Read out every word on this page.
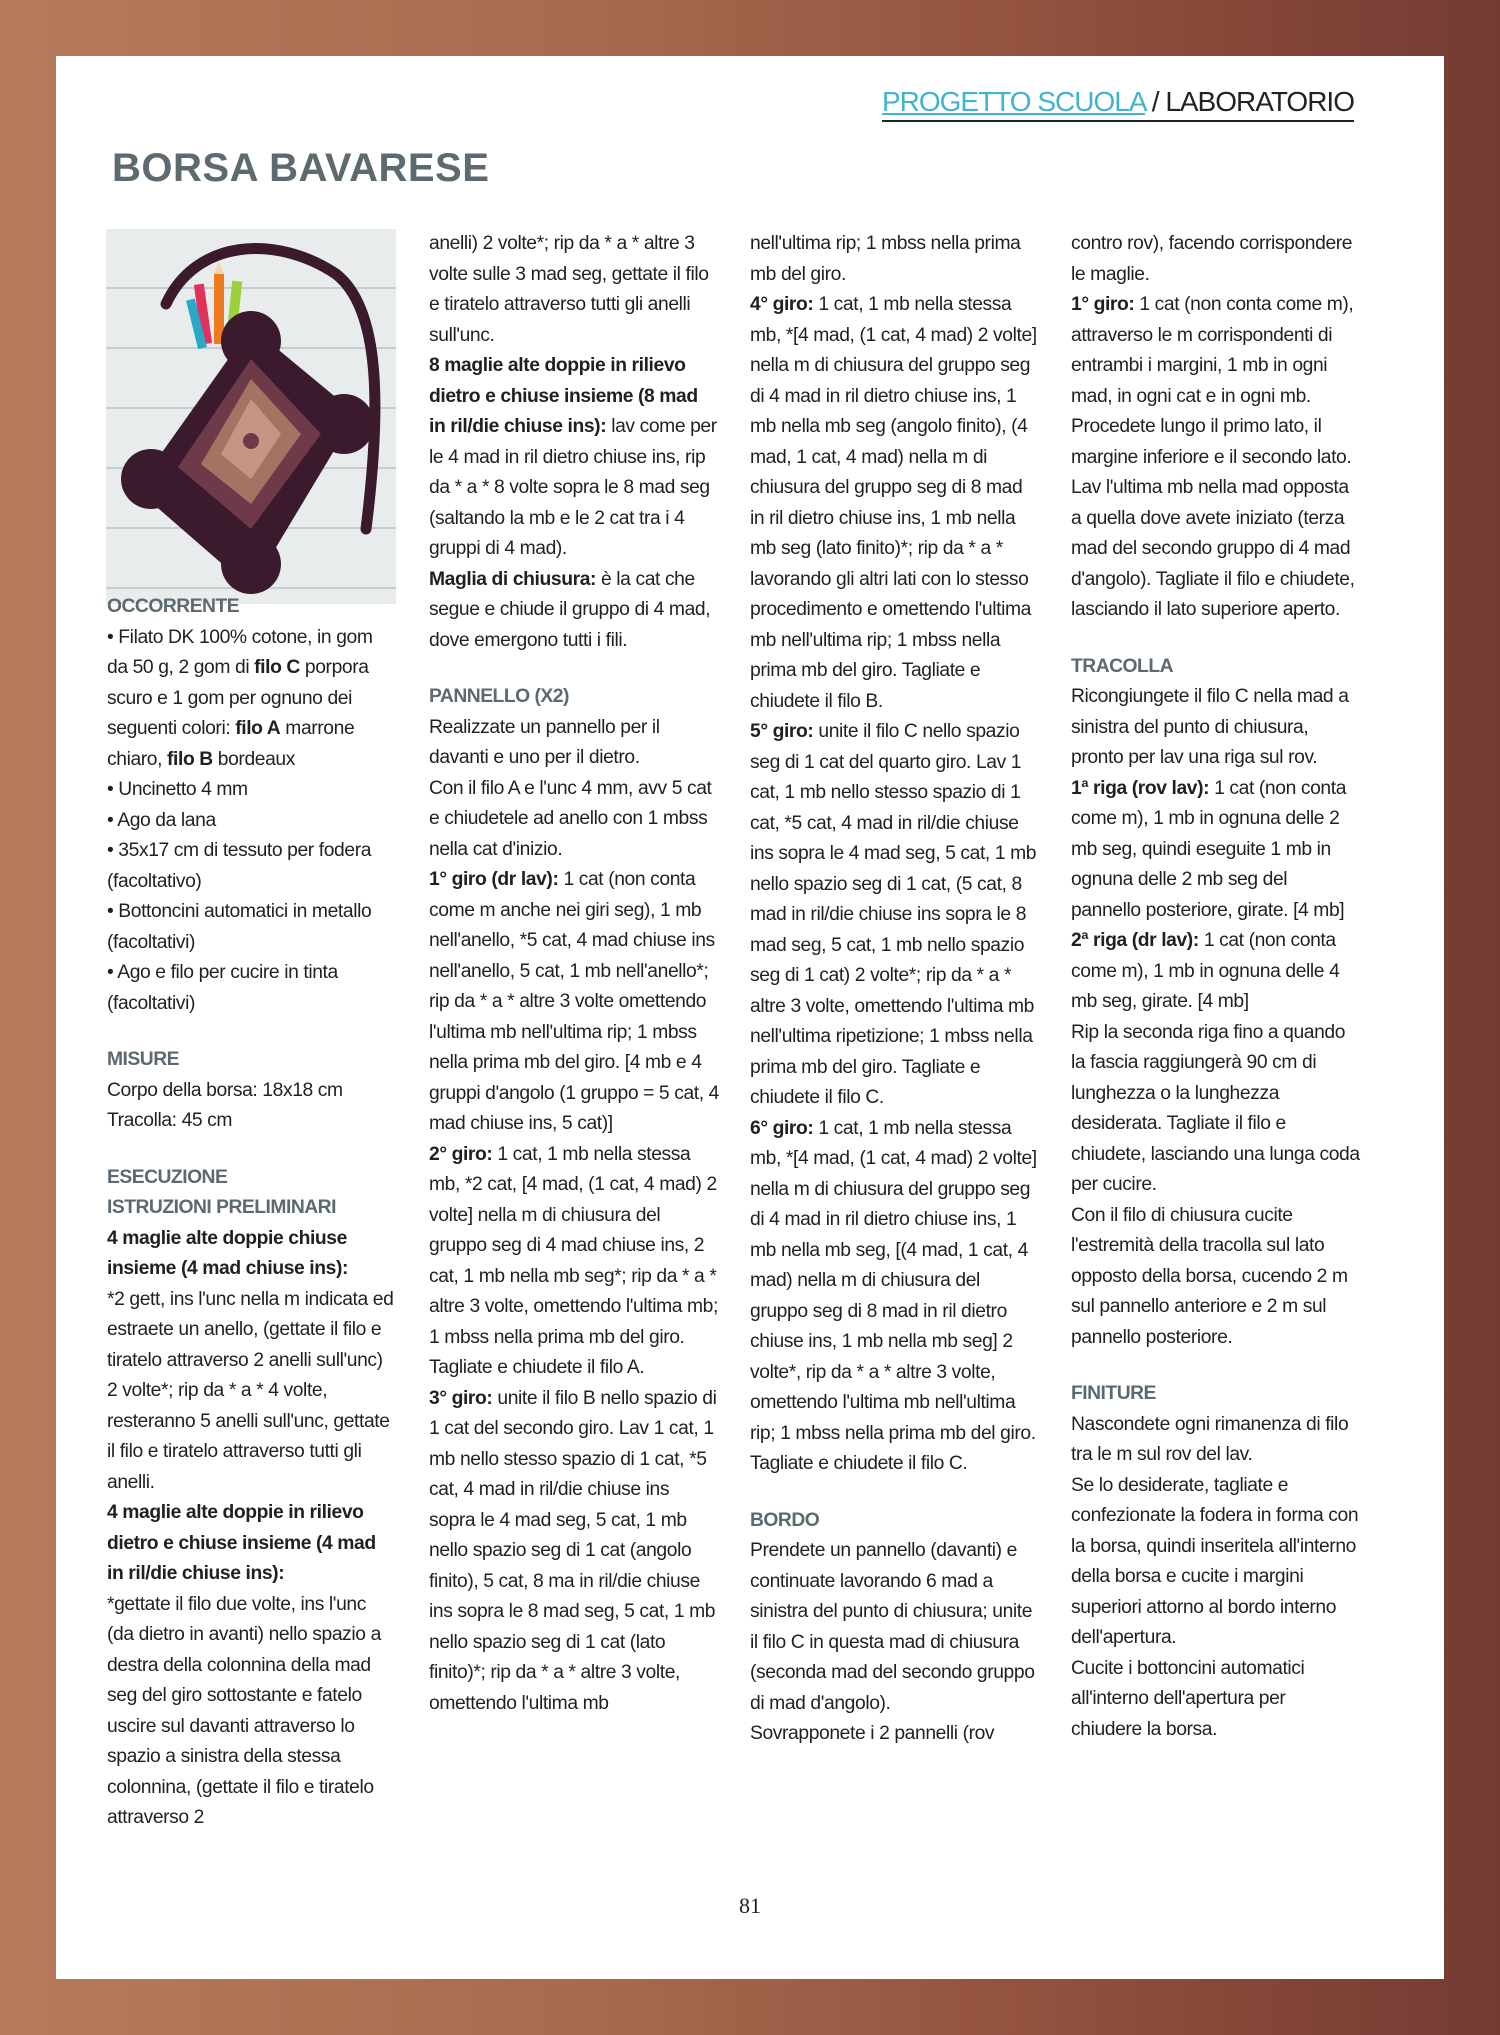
PROGETTO SCUOLA / LABORATORIO
BORSA BAVARESE

OCCORRENTE

• Filato DK 100% cotone, in gom da 50 g, 2 gom di filo C porpora scuro e 1 gom per ognuno dei seguenti colori: filo A marrone chiaro, filo B bordeaux

• Uncinetto 4 mm

• Ago da lana

• 35x17 cm di tessuto per fodera (facoltativo)

• Bottoncini automatici in metallo (facoltativi)

• Ago e filo per cucire in tinta (facoltativi)

MISURE

Corpo della borsa: 18x18 cm

Tracolla: 45 cm

ESECUZIONE

ISTRUZIONI PRELIMINARI

4 maglie alte doppie chiuse insieme (4 mad chiuse ins):
*2 gett, ins l'unc nella m indicata ed estraete un anello, (gettate il filo e tiratelo attraverso 2 anelli sull'unc) 2 volte*; rip da * a * 4 volte, resteranno 5 anelli sull'unc, gettate il filo e tiratelo attraverso tutti gli anelli.

4 maglie alte doppie in rilievo dietro e chiuse insieme (4 mad in ril/die chiuse ins):
*gettate il filo due volte, ins l'unc (da dietro in avanti) nello spazio a destra della colonnina della mad seg del giro sottostante e fatelo uscire sul davanti attraverso lo spazio a sinistra della stessa colonnina, (gettate il filo e tiratelo attraverso 2

anelli) 2 volte*; rip da * a * altre 3 volte sulle 3 mad seg, gettate il filo e tiratelo attraverso tutti gli anelli sull'unc.

8 maglie alte doppie in rilievo dietro e chiuse insieme (8 mad in ril/die chiuse ins): lav come per le 4 mad in ril dietro chiuse ins, rip da * a * 8 volte sopra le 8 mad seg (saltando la mb e le 2 cat tra i 4 gruppi di 4 mad).

Maglia di chiusura: è la cat che segue e chiude il gruppo di 4 mad, dove emergono tutti i fili.

PANNELLO (X2)

Realizzate un pannello per il davanti e uno per il dietro.

Con il filo A e l'unc 4 mm, avv 5 cat e chiudetele ad anello con 1 mbss nella cat d'inizio.

1° giro (dr lav): 1 cat (non conta come m anche nei giri seg), 1 mb nell'anello, *5 cat, 4 mad chiuse ins nell'anello, 5 cat, 1 mb nell'anello*; rip da * a * altre 3 volte omettendo l'ultima mb nell'ultima rip; 1 mbss nella prima mb del giro. [4 mb e 4 gruppi d'angolo (1 gruppo = 5 cat, 4 mad chiuse ins, 5 cat)]

2° giro: 1 cat, 1 mb nella stessa mb, *2 cat, [4 mad, (1 cat, 4 mad) 2 volte] nella m di chiusura del gruppo seg di 4 mad chiuse ins, 2 cat, 1 mb nella mb seg*; rip da * a * altre 3 volte, omettendo l'ultima mb; 1 mbss nella prima mb del giro.

Tagliate e chiudete il filo A.

3° giro: unite il filo B nello spazio di 1 cat del secondo giro. Lav 1 cat, 1 mb nello stesso spazio di 1 cat, *5 cat, 4 mad in ril/die chiuse ins sopra le 4 mad seg, 5 cat, 1 mb nello spazio seg di 1 cat (angolo finito), 5 cat, 8 ma in ril/die chiuse ins sopra le 8 mad seg, 5 cat, 1 mb nello spazio seg di 1 cat (lato finito)*; rip da * a * altre 3 volte, omettendo l'ultima mb

nell'ultima rip; 1 mbss nella prima mb del giro.

4° giro: 1 cat, 1 mb nella stessa mb, *[4 mad, (1 cat, 4 mad) 2 volte] nella m di chiusura del gruppo seg di 4 mad in ril dietro chiuse ins, 1 mb nella mb seg (angolo finito), (4 mad, 1 cat, 4 mad) nella m di chiusura del gruppo seg di 8 mad in ril dietro chiuse ins, 1 mb nella mb seg (lato finito)*; rip da * a * lavorando gli altri lati con lo stesso procedimento e omettendo l'ultima mb nell'ultima rip; 1 mbss nella prima mb del giro. Tagliate e chiudete il filo B.

5° giro: unite il filo C nello spazio seg di 1 cat del quarto giro. Lav 1 cat, 1 mb nello stesso spazio di 1 cat, *5 cat, 4 mad in ril/die chiuse ins sopra le 4 mad seg, 5 cat, 1 mb nello spazio seg di 1 cat, (5 cat, 8 mad in ril/die chiuse ins sopra le 8 mad seg, 5 cat, 1 mb nello spazio seg di 1 cat) 2 volte*; rip da * a * altre 3 volte, omettendo l'ultima mb nell'ultima ripetizione; 1 mbss nella prima mb del giro. Tagliate e chiudete il filo C.

6° giro: 1 cat, 1 mb nella stessa mb, *[4 mad, (1 cat, 4 mad) 2 volte] nella m di chiusura del gruppo seg di 4 mad in ril dietro chiuse ins, 1 mb nella mb seg, [(4 mad, 1 cat, 4 mad) nella m di chiusura del gruppo seg di 8 mad in ril dietro chiuse ins, 1 mb nella mb seg] 2 volte*, rip da * a * altre 3 volte, omettendo l'ultima mb nell'ultima rip; 1 mbss nella prima mb del giro. Tagliate e chiudete il filo C.

BORDO

Prendete un pannello (davanti) e continuate lavorando 6 mad a sinistra del punto di chiusura; unite il filo C in questa mad di chiusura (seconda mad del secondo gruppo di mad d'angolo).

Sovrapponete i 2 pannelli (rov

contro rov), facendo corrispondere le maglie.

1° giro: 1 cat (non conta come m), attraverso le m corrispondenti di entrambi i margini, 1 mb in ogni mad, in ogni cat e in ogni mb. Procedete lungo il primo lato, il margine inferiore e il secondo lato. Lav l'ultima mb nella mad opposta a quella dove avete iniziato (terza mad del secondo gruppo di 4 mad d'angolo). Tagliate il filo e chiudete, lasciando il lato superiore aperto.

TRACOLLA

Ricongiungete il filo C nella mad a sinistra del punto di chiusura, pronto per lav una riga sul rov.

1ª riga (rov lav): 1 cat (non conta come m), 1 mb in ognuna delle 2 mb seg, quindi eseguite 1 mb in ognuna delle 2 mb seg del pannello posteriore, girate. [4 mb]

2ª riga (dr lav): 1 cat (non conta come m), 1 mb in ognuna delle 4 mb seg, girate. [4 mb]

Rip la seconda riga fino a quando la fascia raggiungerà 90 cm di lunghezza o la lunghezza desiderata. Tagliate il filo e chiudete, lasciando una lunga coda per cucire.

Con il filo di chiusura cucite l'estremità della tracolla sul lato opposto della borsa, cucendo 2 m sul pannello anteriore e 2 m sul pannello posteriore.

FINITURE

Nascondete ogni rimanenza di filo tra le m sul rov del lav.

Se lo desiderate, tagliate e confezionate la fodera in forma con la borsa, quindi inseritela all'interno della borsa e cucite i margini superiori attorno al bordo interno dell'apertura.

Cucite i bottoncini automatici all'interno dell'apertura per chiudere la borsa.

81
